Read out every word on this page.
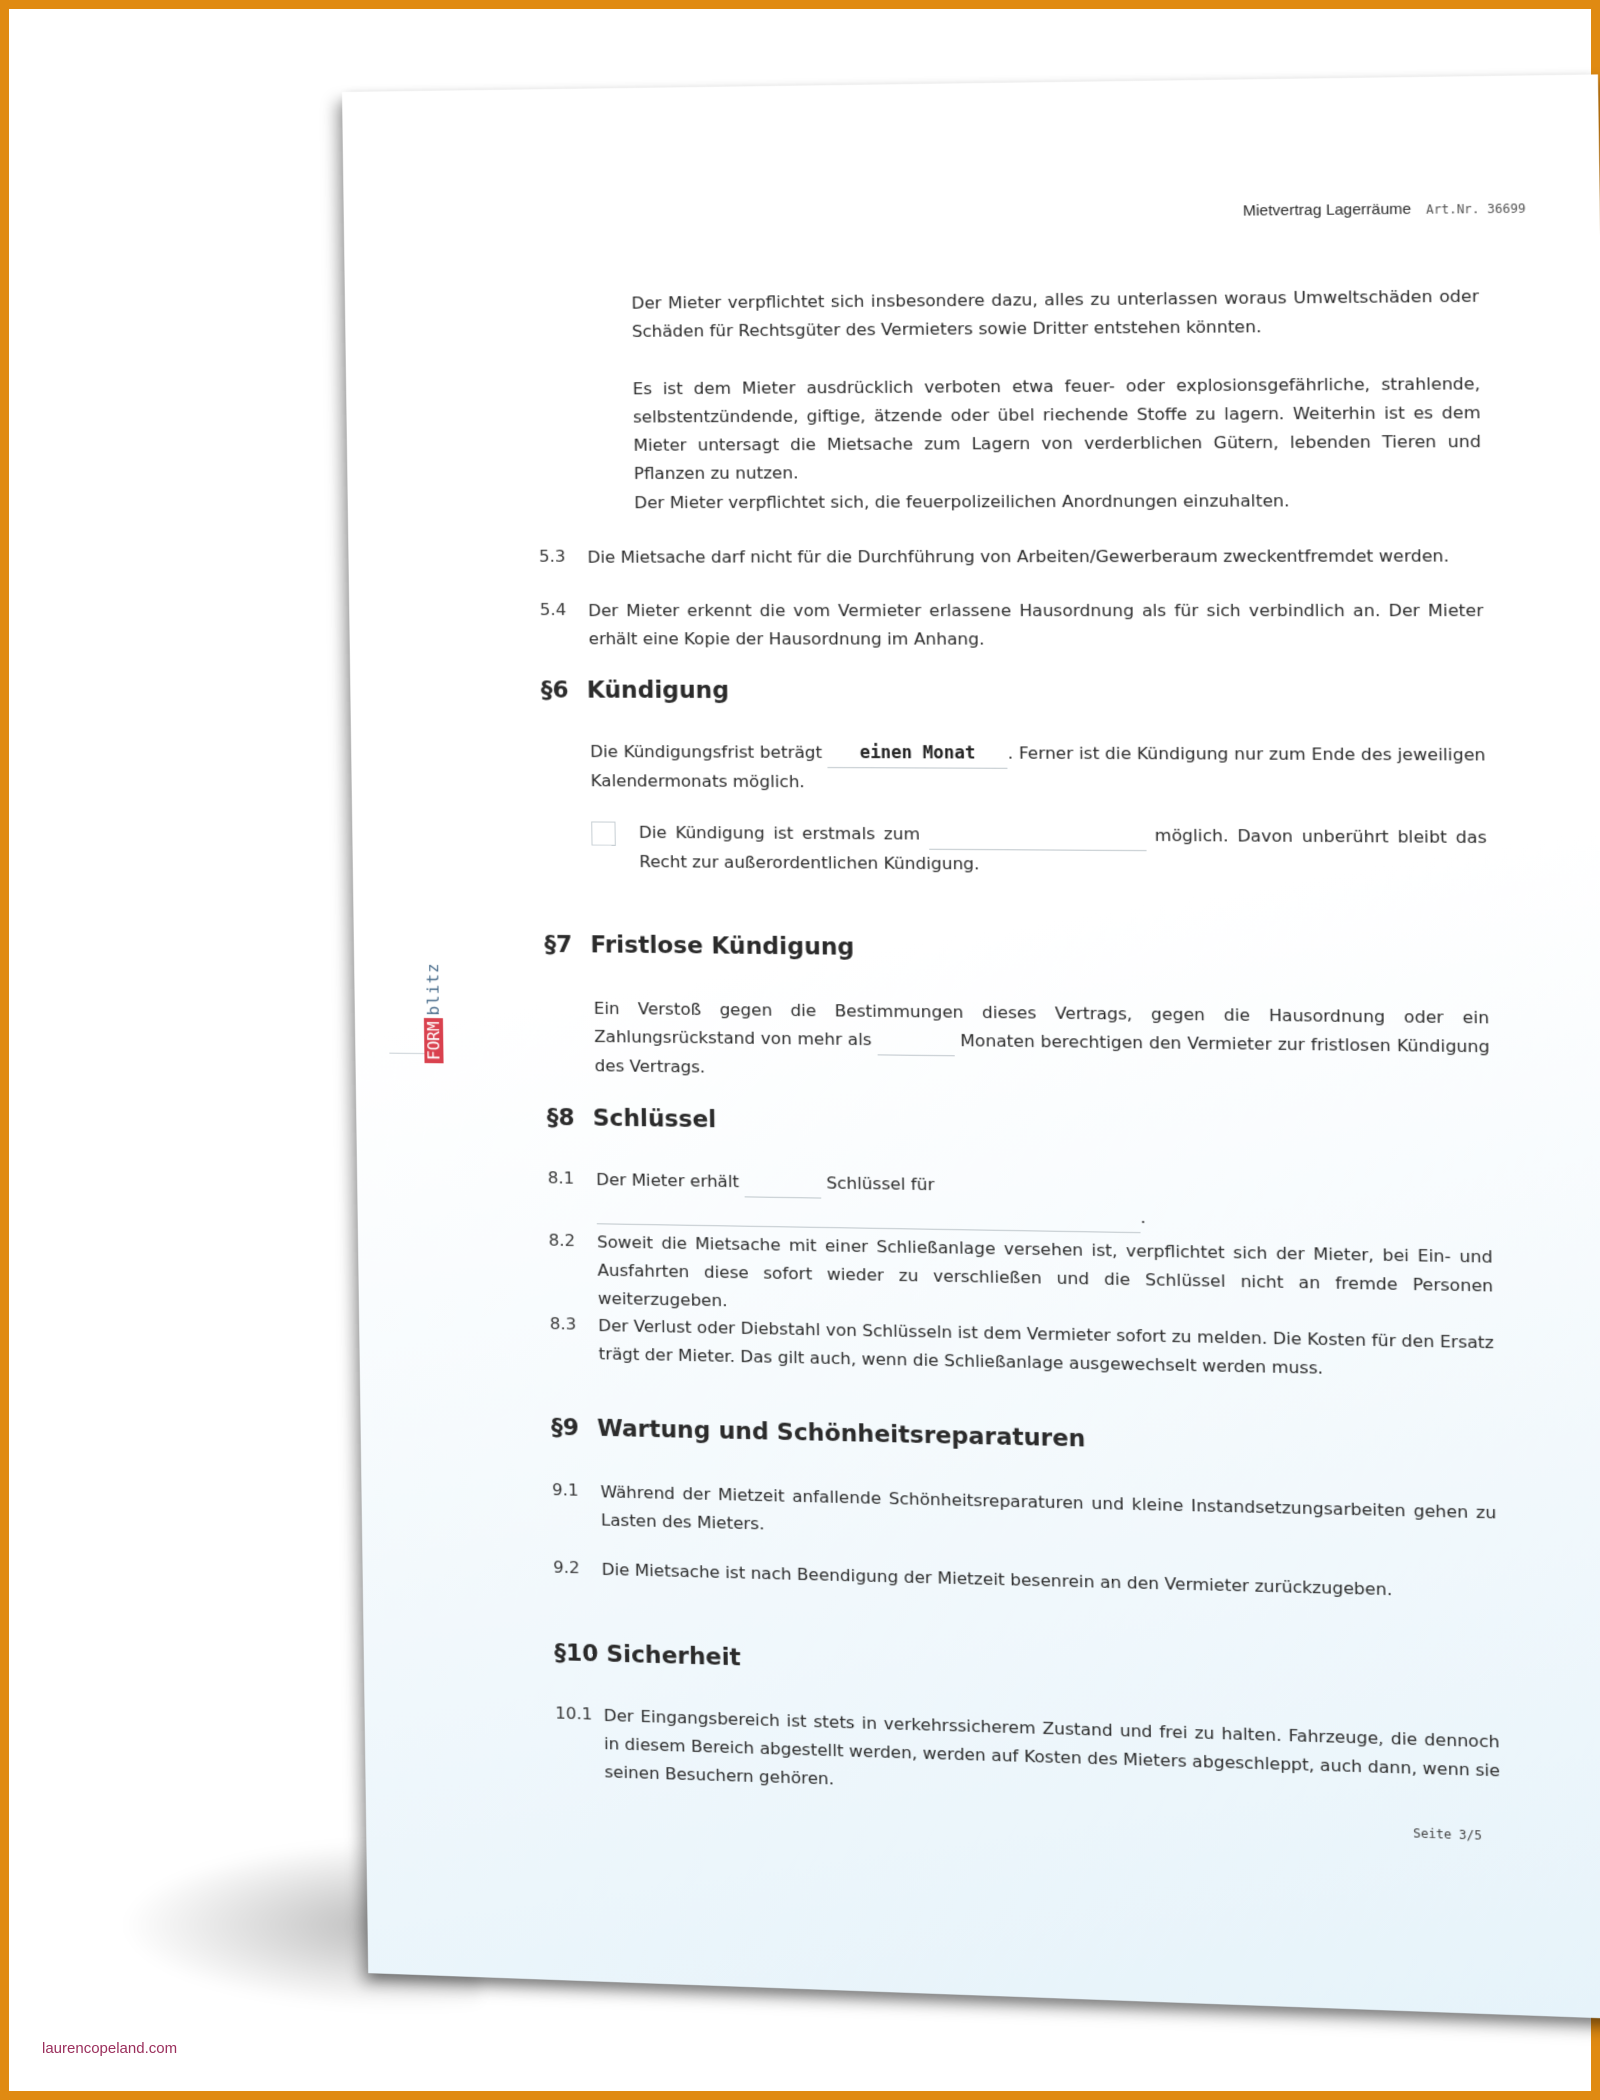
Mietvertrag Lagerräume Art.Nr. 36699
Der Mieter verpflichtet sich insbesondere dazu, alles zu unterlassen woraus Umweltschäden oder Schäden für Rechtsgüter des Vermieters sowie Dritter entstehen könnten.
Es ist dem Mieter ausdrücklich verboten etwa feuer- oder explosionsgefährliche, strahlende, selbstentzündende, giftige, ätzende oder übel riechende Stoffe zu lagern. Weiterhin ist es dem Mieter untersagt die Mietsache zum Lagern von verderblichen Gütern, lebenden Tieren und Pflanzen zu nutzen.
Der Mieter verpflichtet sich, die feuerpolizeilichen Anordnungen einzuhalten.
5.3 Die Mietsache darf nicht für die Durchführung von Arbeiten/Gewerberaum zweckentfremdet werden.
5.4 Der Mieter erkennt die vom Vermieter erlassene Hausordnung als für sich verbindlich an. Der Mieter erhält eine Kopie der Hausordnung im Anhang.
§6 Kündigung
Die Kündigungsfrist beträgt einen Monat . Ferner ist die Kündigung nur zum Ende des jeweiligen Kalendermonats möglich.
Die Kündigung ist erstmals zum	möglich. Davon unberührt bleibt das Recht zur außerordentlichen Kündigung.
§7 Fristlose Kündigung
Ein Verstoß gegen die Bestimmungen dieses Vertrags, gegen die Hausordnung oder ein Zahlungsrückstand von mehr als	Monaten berechtigen den Vermieter zur fristlosen Kündigung des Vertrags.
§8 Schlüssel
8.1 Der Mieter erhält	Schlüssel für  .
8.2 Soweit die Mietsache mit einer Schließanlage versehen ist, verpflichtet sich der Mieter, bei Ein- und Ausfahrten diese sofort wieder zu verschließen und die Schlüssel nicht an fremde Personen weiterzugeben.
8.3 Der Verlust oder Diebstahl von Schlüsseln ist dem Vermieter sofort zu melden. Die Kosten für den Ersatz trägt der Mieter. Das gilt auch, wenn die Schließanlage ausgewechselt werden muss.
§9 Wartung und Schönheitsreparaturen
9.1 Während der Mietzeit anfallende Schönheitsreparaturen und kleine Instandsetzungsarbeiten gehen zu Lasten des Mieters.
9.2 Die Mietsache ist nach Beendigung der Mietzeit besenrein an den Vermieter zurückzugeben.
§10 Sicherheit
10.1 Der Eingangsbereich ist stets in verkehrssicherem Zustand und frei zu halten. Fahrzeuge, die dennoch in diesem Bereich abgestellt werden, werden auf Kosten des Mieters abgeschleppt, auch dann, wenn sie seinen Besuchern gehören.
Seite 3/5
FORMblitz
laurencopeland.com
